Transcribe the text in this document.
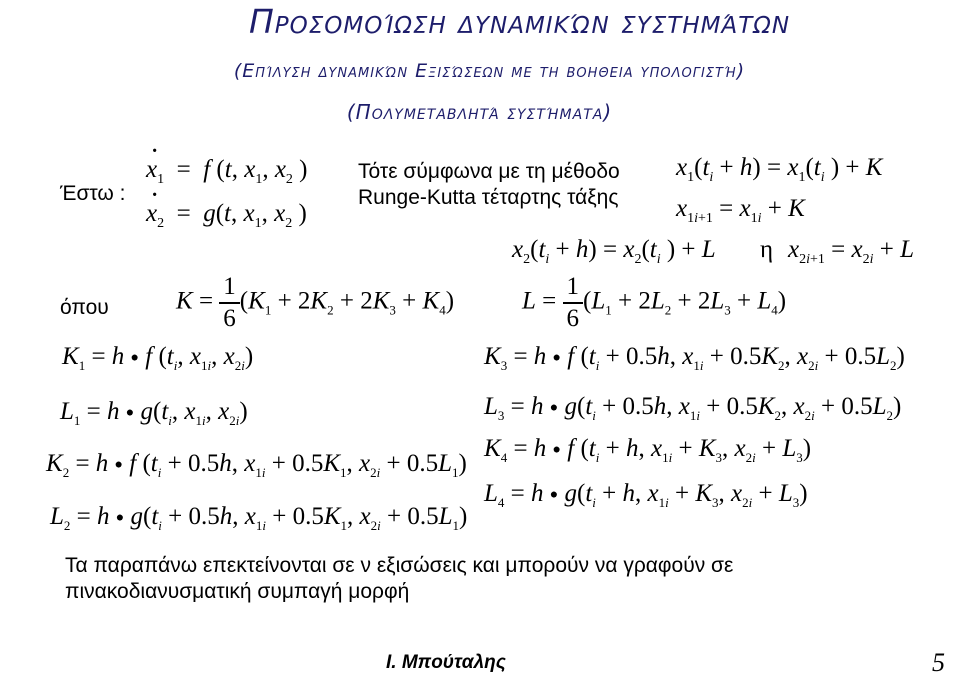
Προσομοίωση δυναμικών συστημάτων
(Επίλυση δυναμικών Εξισώσεων με τη βοηθεια υπολογιστή)
(Πολυμεταβλητά συστήματα)
Έστω :
· $x_1 = f$ (t, $x_1$, $x_2$ )
· $x_2 = g(t$, $x_1$, $x_2$ )
Τότε σύμφωνα με τη μέθοδο
Runge-Kutta τέταρτης τάξης
$x_1(t_i + h) = x_1(t_i$ ) + K
$x_{1i+1} = x_{1i} + K$
$x_2(t_i + h) = x_2(t_i$ ) + L η $x_{2i+1} = x_{2i} + L$
όπου	$K = \frac{1}{6} (K_1 + 2K_2 + 2K_3 + K_4)$	$L = \frac{1}{6} (L_1 + 2L_2 + 2L_3 + L_4)$
$K_1 = h$ ● f ($t_i$, $x_{1i}$, $x_{2i}$)
$L_1 = h$ ● $g(t_i$, $x_{1i}$, $x_{2i}$)
$K_2 = h$ ● f ($t_i + 0.5h$, $x_{1i} + 0.5K_1$, $x_{2i} + 0.5L_1$)
$L_2 = h$ ● $g(t_i + 0.5h$, $x_{1i} + 0.5K_1$, $x_{2i} + 0.5L_1$)
$K_3 = h$ ● f ($t_i + 0.5h$, $x_{1i} + 0.5K_2$, $x_{2i} + 0.5L_2$)
$L_3 = h$ ● $g(t_i + 0.5h$, $x_{1i} + 0.5K_2$, $x_{2i} + 0.5L_2$)
$K_4 = h$ ● f ($t_i + h$, $x_{1i} + K_3$, $x_{2i} + L_3$)
$L_4 = h$ ● $g(t_i + h$, $x_{1i} + K_3$, $x_{2i} + L_3$)
Τα παραπάνω επεκτείνονται σε ν εξισώσεις και μπορούν να γραφούν σε
πινακοδιανυσματική συμπαγή μορφή
Ι. Μπούταλης	5
